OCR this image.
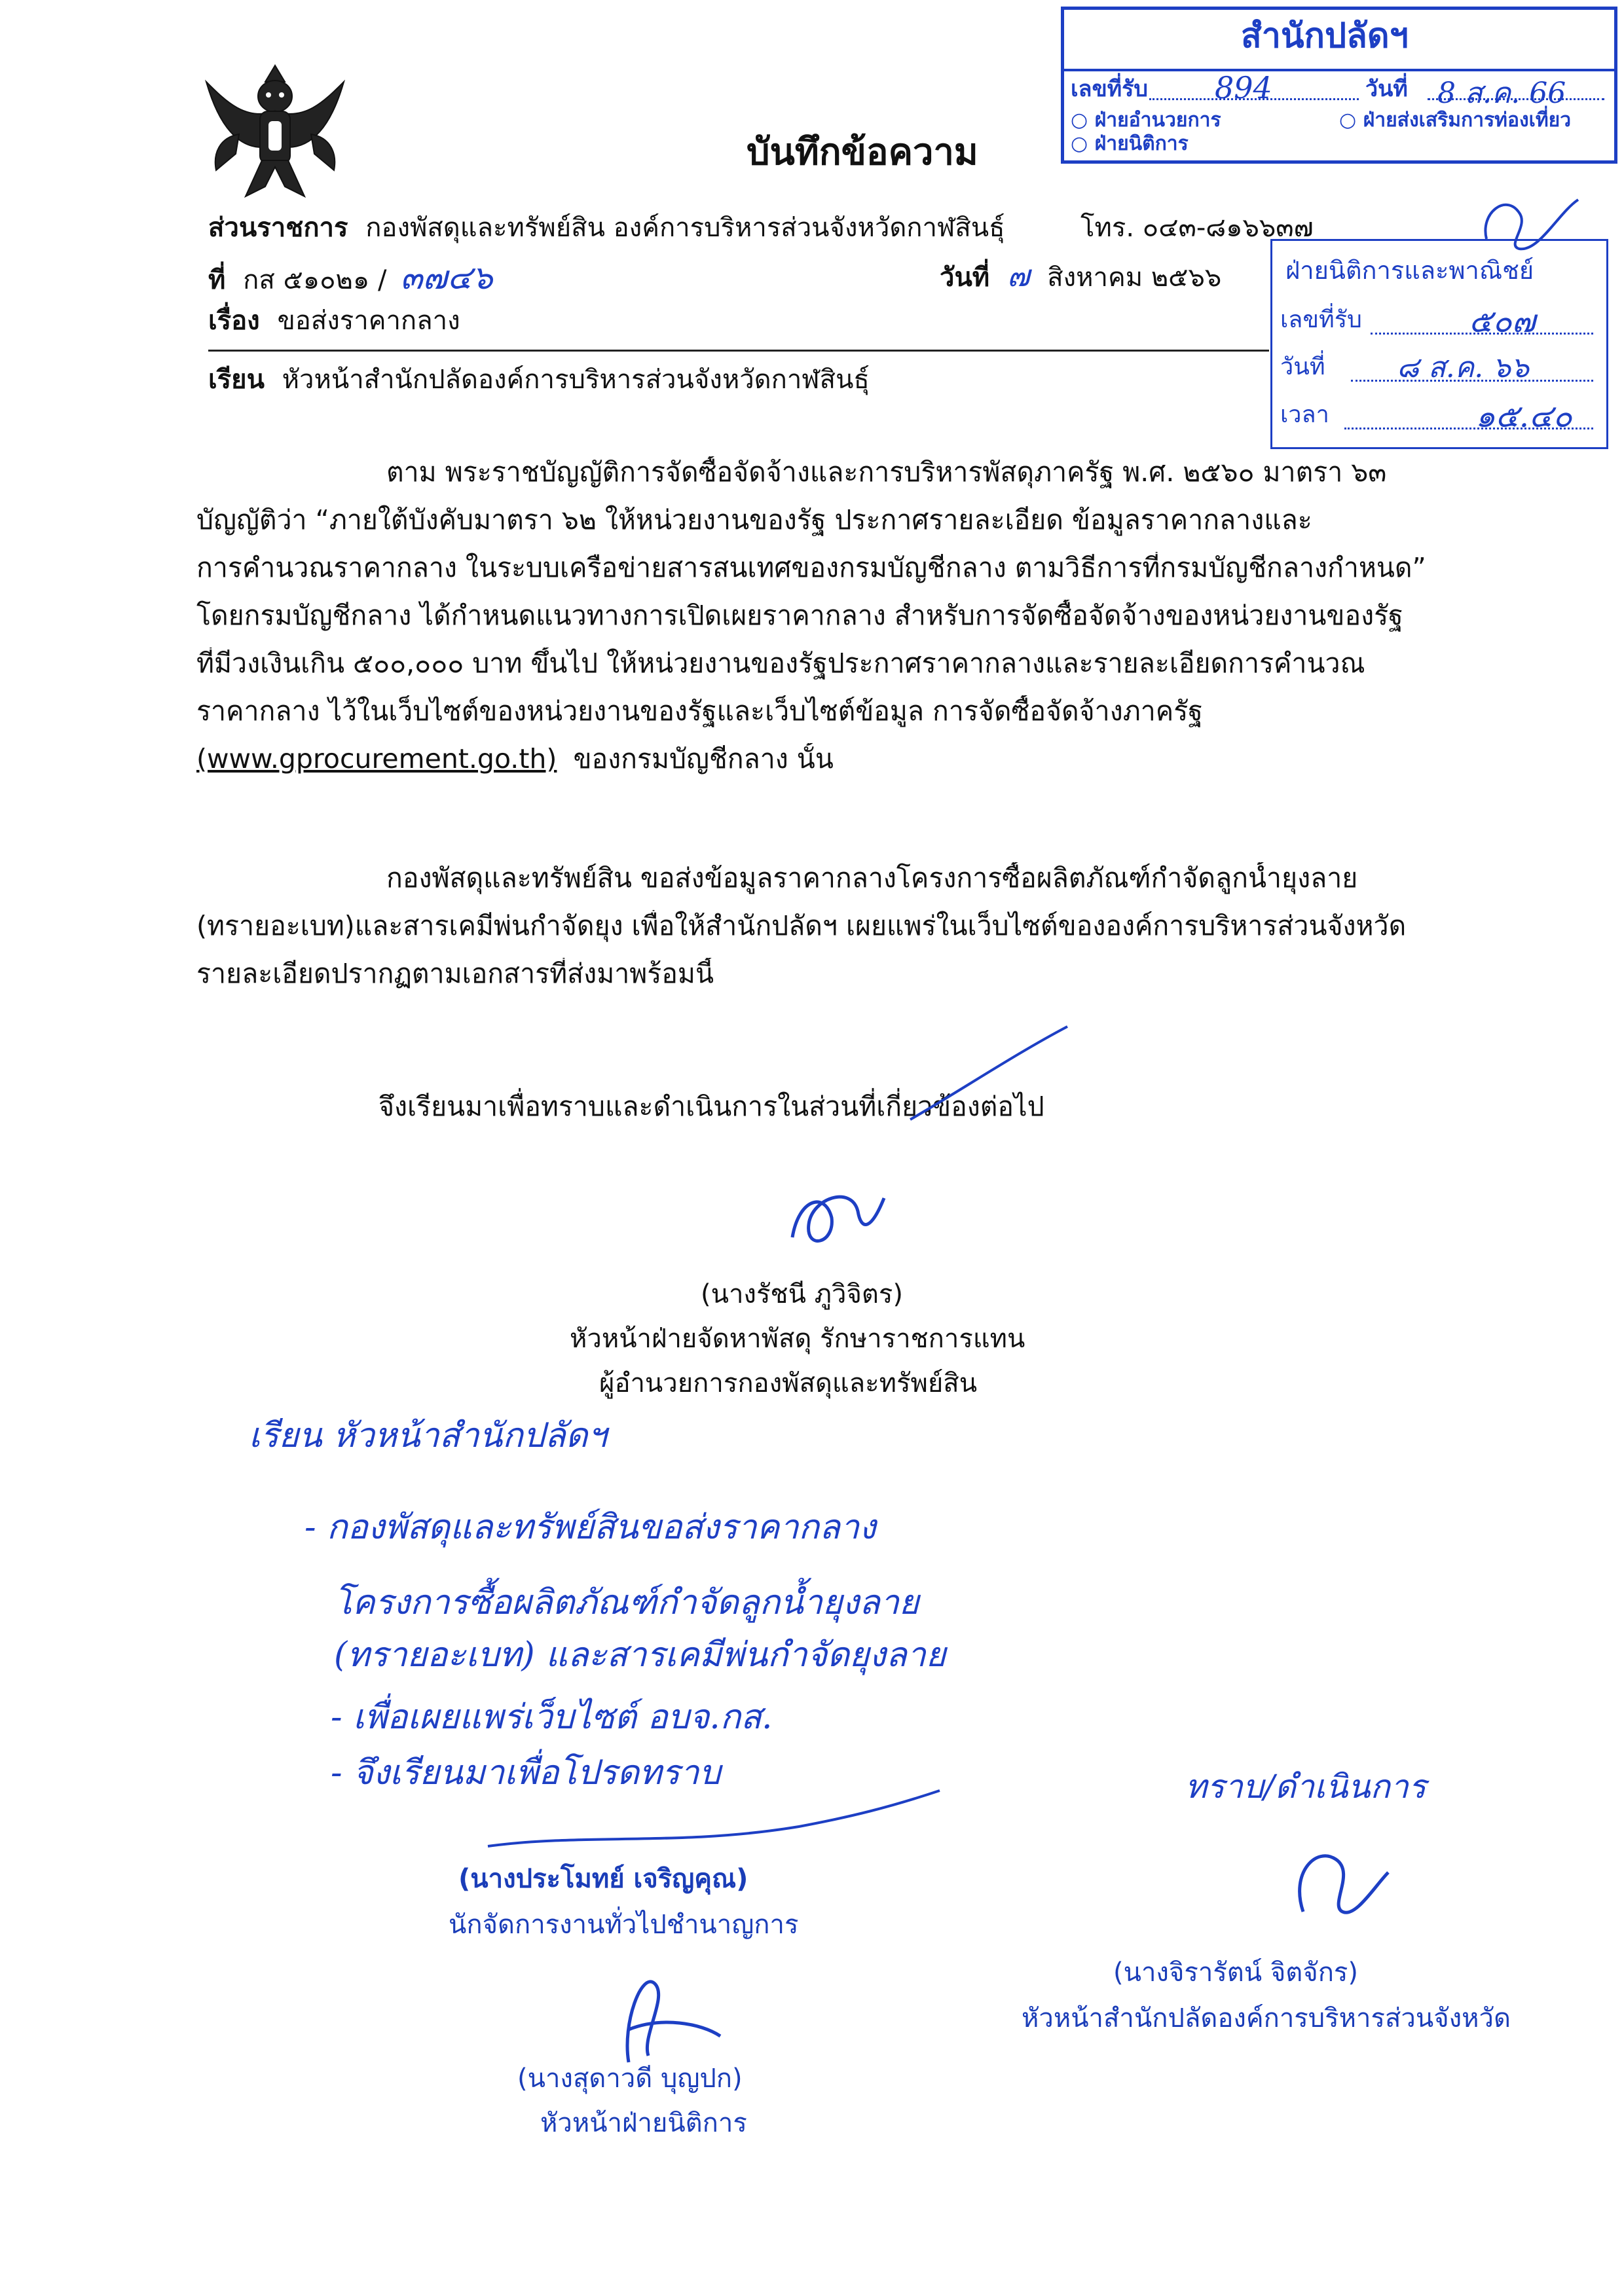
บันทึกข้อความ
ส่วนราชการ กองพัสดุและทรัพย์สิน องค์การบริหารส่วนจังหวัดกาฬสินธุ์	โทร. ๐๔๓-๘๑๖๖๓๗
ที่ กส ๕๑๐๒๑ / ๓๗๔๖	วันที่ ๗ สิงหาคม ๒๕๖๖
เรื่อง ขอส่งราคากลาง
เรียน หัวหน้าสำนักปลัดองค์การบริหารส่วนจังหวัดกาฬสินธุ์
ตาม พระราชบัญญัติการจัดซื้อจัดจ้างและการบริหารพัสดุภาครัฐ พ.ศ. ๒๕๖๐ มาตรา ๖๓
บัญญัติว่า “ภายใต้บังคับมาตรา ๖๒ ให้หน่วยงานของรัฐ ประกาศรายละเอียด ข้อมูลราคากลางและ
การคำนวณราคากลาง ในระบบเครือข่ายสารสนเทศของกรมบัญชีกลาง ตามวิธีการที่กรมบัญชีกลางกำหนด”
โดยกรมบัญชีกลาง ได้กำหนดแนวทางการเปิดเผยราคากลาง สำหรับการจัดซื้อจัดจ้างของหน่วยงานของรัฐ
ที่มีวงเงินเกิน ๕๐๐,๐๐๐ บาท ขึ้นไป ให้หน่วยงานของรัฐประกาศราคากลางและรายละเอียดการคำนวณ
ราคากลาง ไว้ในเว็บไซต์ของหน่วยงานของรัฐและเว็บไซต์ข้อมูล การจัดซื้อจัดจ้างภาครัฐ
(www.gprocurement.go.th) ของกรมบัญชีกลาง นั้น
กองพัสดุและทรัพย์สิน ขอส่งข้อมูลราคากลางโครงการซื้อผลิตภัณฑ์กำจัดลูกน้ำยุงลาย
(ทรายอะเบท)และสารเคมีพ่นกำจัดยุง เพื่อให้สำนักปลัดฯ เผยแพร่ในเว็บไซต์ขององค์การบริหารส่วนจังหวัด
รายละเอียดปรากฏตามเอกสารที่ส่งมาพร้อมนี้
จึงเรียนมาเพื่อทราบและดำเนินการในส่วนที่เกี่ยวข้องต่อไป
(นางรัชนี ภูวิจิตร)
หัวหน้าฝ่ายจัดหาพัสดุ รักษาราชการแทน
ผู้อำนวยการกองพัสดุและทรัพย์สิน
เรียน หัวหน้าสำนักปลัดฯ
- กองพัสดุและทรัพย์สินขอส่งราคากลาง
โครงการซื้อผลิตภัณฑ์กำจัดลูกน้ำยุงลาย
(ทรายอะเบท) และสารเคมีพ่นกำจัดยุงลาย
- เพื่อเผยแพร่เว็บไซต์ อบจ.กส.
- จึงเรียนมาเพื่อโปรดทราบ
(นางประโมทย์ เจริญคุณ)
นักจัดการงานทั่วไปชำนาญการ
(นางสุดาวดี บุญปก)
หัวหน้าฝ่ายนิติการ
ทราบ/ดำเนินการ
(นางจิรารัตน์ จิตจักร)
หัวหน้าสำนักปลัดองค์การบริหารส่วนจังหวัด
สำนักปลัดฯ
เลขที่รับ 894	วันที่ 8 ส.ค. 66
○ ฝ่ายอำนวยการ	○ ฝ่ายส่งเสริมการท่องเที่ยว
○ ฝ่ายนิติการ
ฝ่ายนิติการและพาณิชย์
เลขที่รับ	๕๐๗
วันที่ ๘ ส.ค. ๖๖
เวลา	๑๕.๔๐
